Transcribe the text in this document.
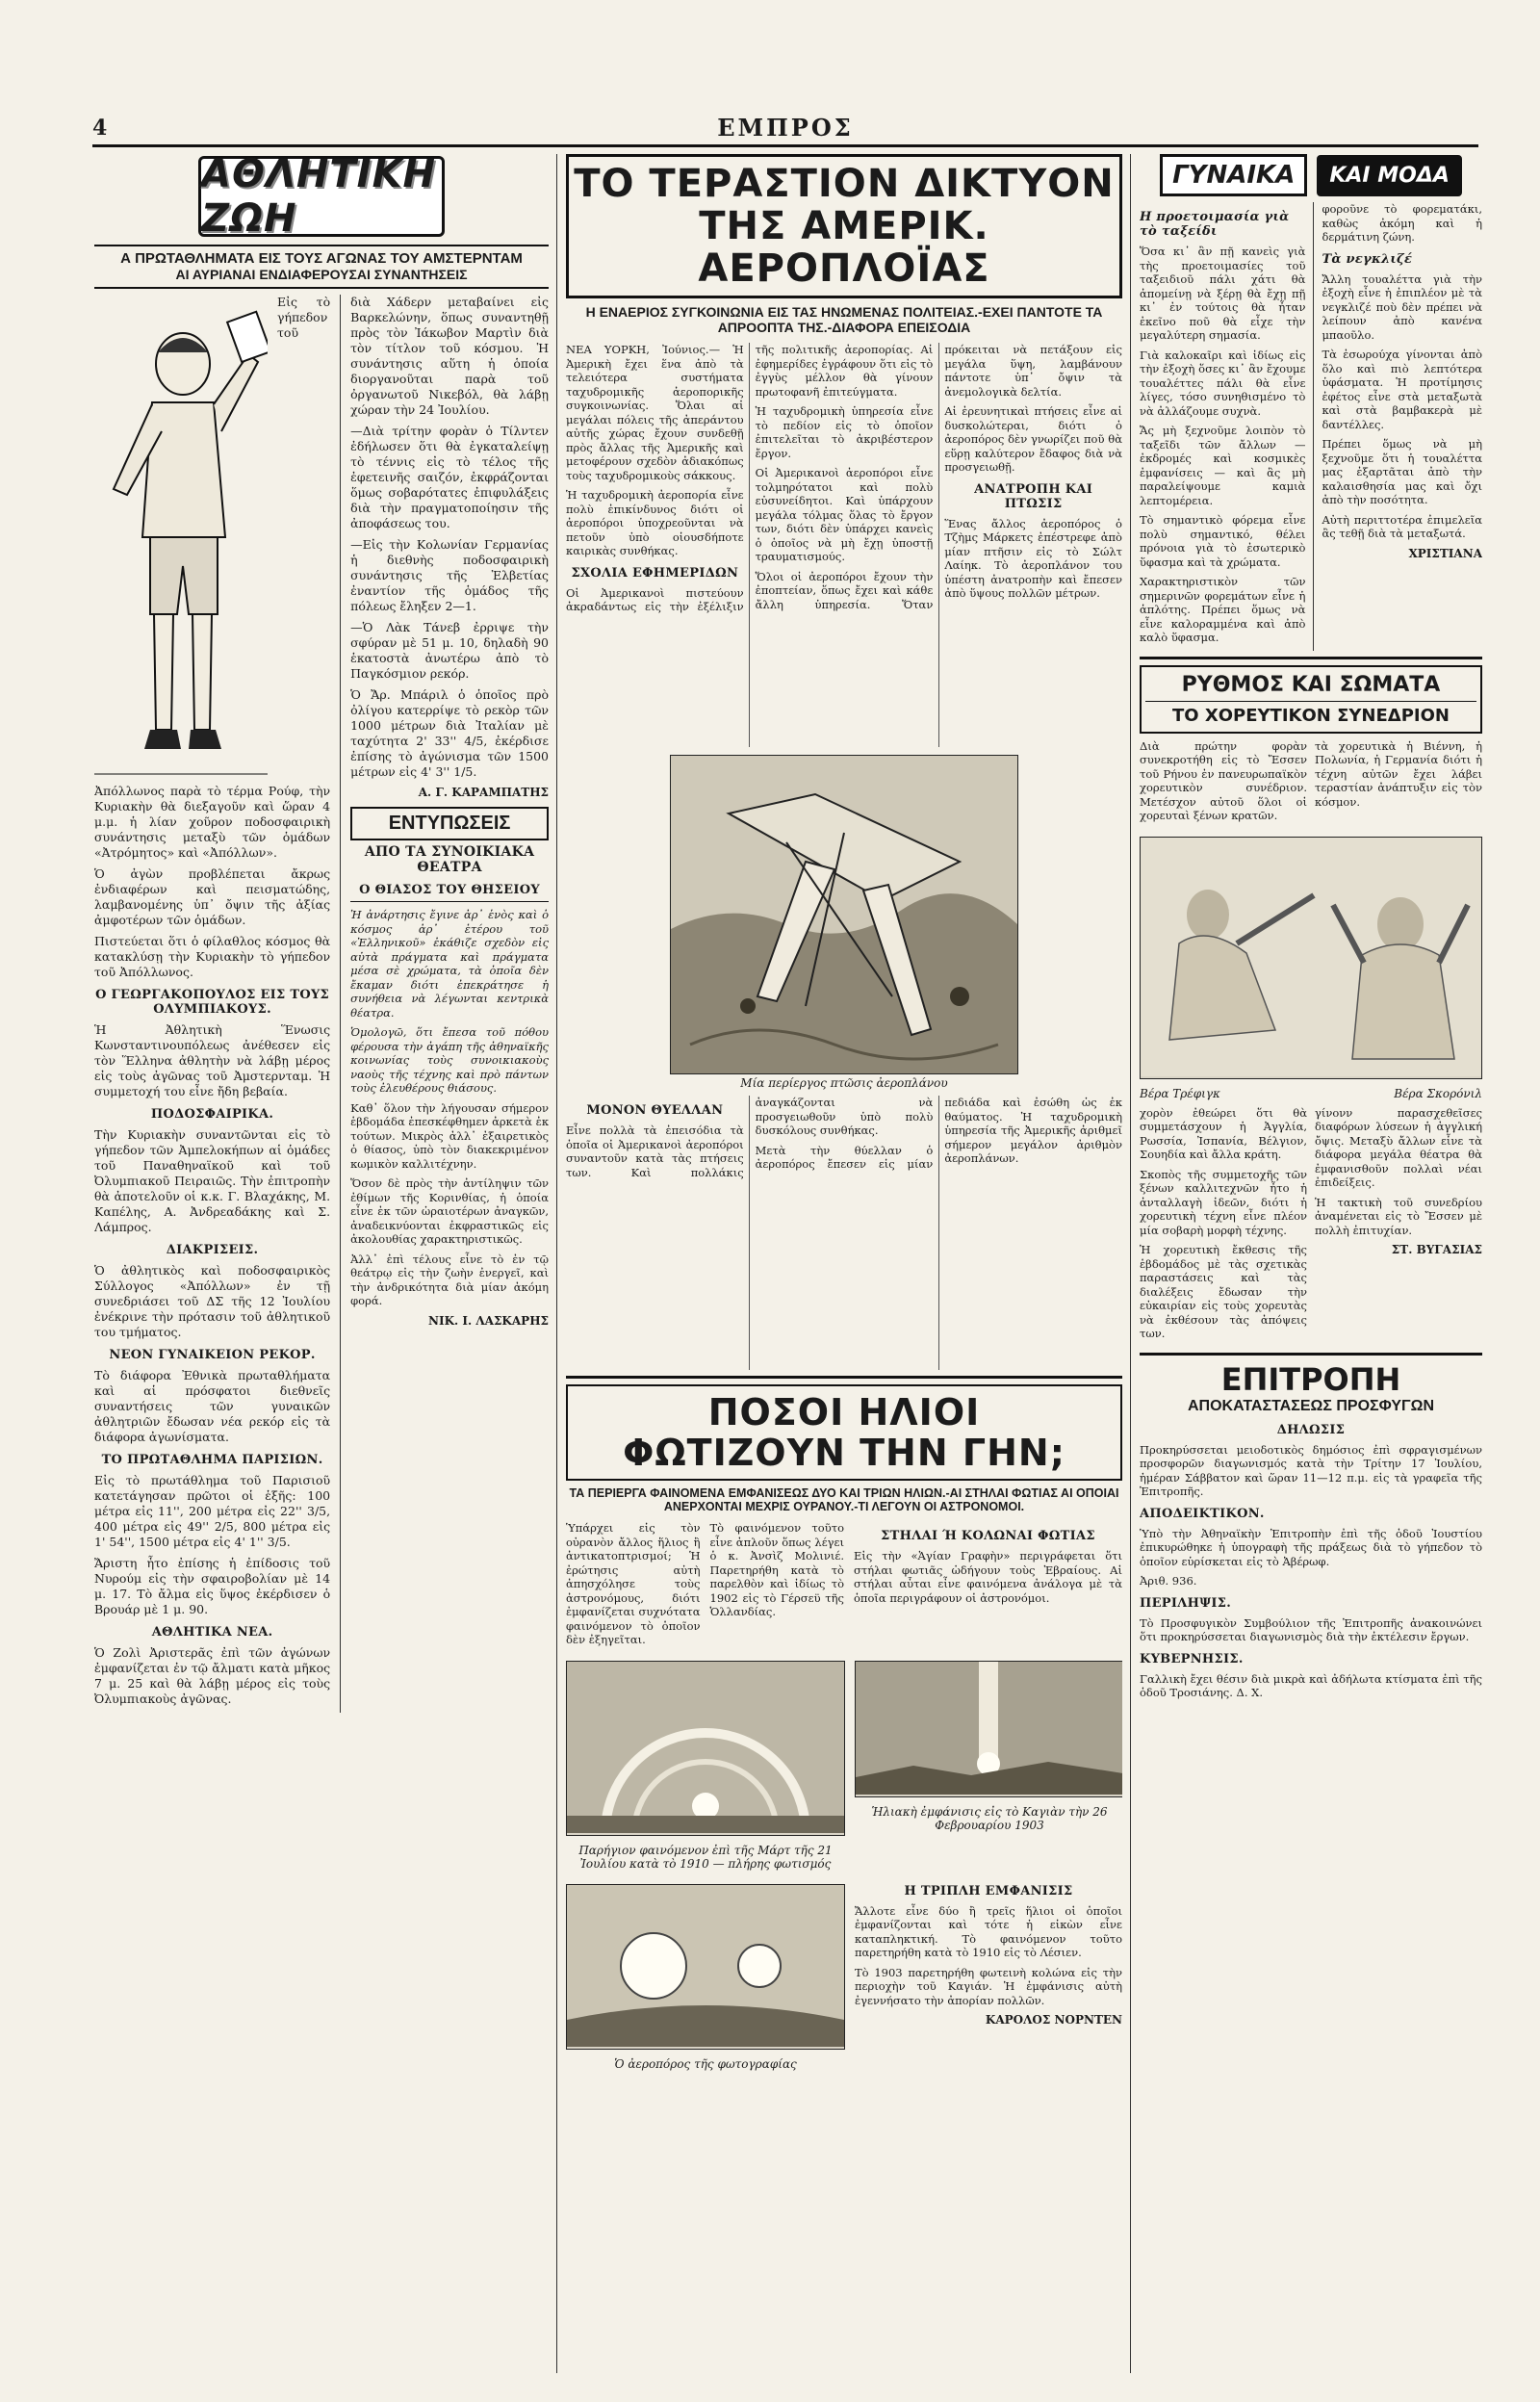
4	ΕΜΠΡΟΣ
ΑΘΛΗΤΙΚΗ ΖΩΗ
Α ΠΡΩΤΑΘΛΗΜΑΤΑ ΕΙΣ ΤΟΥΣ ΑΓΩΝΑΣ ΤΟΥ ΑΜΣΤΕΡΝΤΑΜ
ΑΙ ΑΥΡΙΑΝΑΙ ΕΝΔΙΑΦΕΡΟΥΣΑΙ ΣΥΝΑΝΤΗΣΕΙΣ

Εἰς τὸ γήπεδον τοῦ Ἀπόλλωνος παρὰ τὸ τέρμα Ρούφ, τὴν Κυριακὴν θὰ διεξαγοῦν καὶ ὥραν 4 μ.μ. ἡ λίαν χοῦρον ποδοσφαιρικὴ συνάντησις μεταξὺ τῶν ὁμάδων «Ἀτρόμητος» καὶ «Ἀπόλλων».

Ὁ ἀγὼν προβλέπεται ἄκρως ἐνδιαφέρων καὶ πεισματώδης, λαμβανομένης ὑπ᾽ ὄψιν τῆς ἀξίας ἀμφοτέρων τῶν ὁμάδων.

Πιστεύεται ὅτι ὁ φίλαθλος κόσμος θὰ κατακλύσῃ τὴν Κυριακὴν τὸ γήπεδον τοῦ Ἀπόλλωνος.

Ο ΓΕΩΡΓΑΚΟΠΟΥΛΟΣ ΕΙΣ ΤΟΥΣ ΟΛΥΜΠΙΑΚΟΥΣ.

Ἡ Ἀθλητικὴ Ἕνωσις Κωνσταντινουπόλεως ἀνέθεσεν εἰς τὸν Ἕλληνα ἀθλητὴν νὰ λάβῃ μέρος εἰς τοὺς ἀγῶνας τοῦ Ἀμστερνταμ. Ἡ συμμετοχή του εἶνε ἤδη βεβαία.

ΠΟΔΟΣΦΑΙΡΙΚΑ.

Τὴν Κυριακὴν συναντῶνται εἰς τὸ γήπεδον τῶν Ἀμπελοκήπων αἱ ὁμάδες τοῦ Παναθηναϊκοῦ καὶ τοῦ Ὀλυμπιακοῦ Πειραιῶς. Τὴν ἐπιτροπὴν θὰ ἀποτελοῦν οἱ κ.κ. Γ. Βλαχάκης, Μ. Καπέλης, Α. Ἀνδρεαδάκης καὶ Σ. Λάμπρος.

ΔΙΑΚΡΙΣΕΙΣ.

Ὁ ἀθλητικὸς καὶ ποδοσφαιρικὸς Σύλλογος «Ἀπόλλων» ἐν τῇ συνεδριάσει τοῦ ΔΣ τῆς 12 Ἰουλίου ἐνέκρινε τὴν πρότασιν τοῦ ἀθλητικοῦ του τμήματος.

ΝΕΟΝ ΓΥΝΑΙΚΕΙΟΝ ΡΕΚΟΡ.

Τὸ διάφορα Ἐθνικὰ πρωταθλήματα καὶ αἱ πρόσφατοι διεθνεῖς συναντήσεις τῶν γυναικῶν ἀθλητριῶν ἔδωσαν νέα ρεκόρ εἰς τὰ διάφορα ἀγωνίσματα.

ΤΟ ΠΡΩΤΑΘΛΗΜΑ ΠΑΡΙΣΙΩΝ.

Εἰς τὸ πρωτάθλημα τοῦ Παρισιοῦ κατετάγησαν πρῶτοι οἱ ἑξῆς: 100 μέτρα εἰς 11'', 200 μέτρα εἰς 22'' 3/5, 400 μέτρα εἰς 49'' 2/5, 800 μέτρα εἰς 1' 54'', 1500 μέτρα εἰς 4' 1'' 3/5.

Ἄριστη ἦτο ἐπίσης ἡ ἐπίδοσις τοῦ Νυρούμ εἰς τὴν σφαιροβολίαν μὲ 14 μ. 17. Τὸ ἄλμα εἰς ὕψος ἐκέρδισεν ὁ Βρουάρ μὲ 1 μ. 90.

ΑΘΛΗΤΙΚΑ ΝΕΑ.

Ὁ Ζολὶ Ἀριστερᾶς ἐπὶ τῶν ἀγώνων ἐμφανίζεται ἐν τῷ ἄλματι κατὰ μῆκος 7 μ. 25 καὶ θὰ λάβῃ μέρος εἰς τοὺς Ὀλυμπιακοὺς ἀγῶνας.

διὰ Χάδερν μεταβαίνει εἰς Βαρκελώνην, ὅπως συναντηθῇ πρὸς τὸν Ἰάκωβον Μαρτὶν διὰ τὸν τίτλον τοῦ κόσμου. Ἡ συνάντησις αὕτη ἡ ὁποία διοργανοῦται παρὰ τοῦ ὀργανωτοῦ Νικεβόλ, θὰ λάβῃ χώραν τὴν 24 Ἰουλίου.

—Διὰ τρίτην φορὰν ὁ Τίλντεν ἐδήλωσεν ὅτι θὰ ἐγκαταλείψῃ τὸ τέννις εἰς τὸ τέλος τῆς ἐφετεινῆς σαιζόν, ἐκφράζονται ὅμως σοβαρότατες ἐπιφυλάξεις διὰ τὴν πραγματοποίησιν τῆς ἀποφάσεως του.

—Εἰς τὴν Κολωνίαν Γερμανίας ἡ διεθνὴς ποδοσφαιρικὴ συνάντησις τῆς Ἑλβετίας ἐναντίον τῆς ὁμάδος τῆς πόλεως ἔληξεν 2—1.

—Ὁ Λὰκ Τάνεβ ἐρριψε τὴν σφύραν μὲ 51 μ. 10, δηλαδὴ 90 ἑκατοστὰ ἀνωτέρω ἀπὸ τὸ Παγκόσμιον ρεκόρ.

Ὁ Ἄρ. Μπάριλ ὁ ὁποῖος πρὸ ὀλίγου κατερρίψε τὸ ρεκὸρ τῶν 1000 μέτρων διὰ Ἰταλίαν μὲ ταχύτητα 2' 33'' 4/5, ἐκέρδισε ἐπίσης τὸ ἀγώνισμα τῶν 1500 μέτρων εἰς 4' 3'' 1/5.

Α. Γ. ΚΑΡΑΜΠΑΤΗΣ
ΕΝΤΥΠΩΣΕΙΣ
ΑΠΟ ΤΑ ΣΥΝΟΙΚΙΑΚΑ ΘΕΑΤΡΑ
Ο ΘΙΑΣΟΣ ΤΟΥ ΘΗΣΕΙΟΥ

Ἡ ἀνάρτησις ἔγινε ἀρ᾽ ἑνὸς καὶ ὁ κόσμος ἀρ᾽ ἑτέρου τοῦ «Ἐλληνικοῦ» ἐκάθιζε σχεδὸν εἰς αὐτὰ πράγματα καὶ πράγματα μέσα σὲ χρώματα, τὰ ὁποῖα δὲν ἔκαμαν διότι ἐπεκράτησε ἡ συνήθεια νὰ λέγωνται κεντρικὰ θέατρα.

Ὁμολογῶ, ὅτι ἔπεσα τοῦ πόθου φέρουσα τὴν ἀγάπη τῆς ἀθηναϊκῆς κοινωνίας τοὺς συνοικιακοὺς ναοὺς τῆς τέχνης καὶ πρὸ πάντων τοὺς ἐλευθέρους θιάσους.

Καθ᾽ ὅλον τὴν λήγουσαν σήμερον ἑβδομάδα ἐπεσκέφθημεν ἀρκετὰ ἐκ τούτων. Μικρὸς ἀλλ᾽ ἐξαιρετικὸς ὁ θίασος, ὑπὸ τὸν διακεκριμένον κωμικὸν καλλιτέχνην.

Ὅσον δὲ πρὸς τὴν ἀντίληψιν τῶν ἐθίμων τῆς Κορινθίας, ἡ ὁποία εἶνε ἐκ τῶν ὡραιοτέρων ἀναγκῶν, ἀναδεικνύονται ἐκφραστικῶς εἰς ἀκολουθίας χαρακτηριστικῶς.

Ἀλλ᾽ ἐπὶ τέλους εἶνε τὸ ἐν τῷ θεάτρῳ εἰς τὴν ζωὴν ἐνεργεῖ, καὶ τὴν ἀνδρικότητα διὰ μίαν ἀκόμη φορά.

ΝΙΚ. Ι. ΛΑΣΚΑΡΗΣ
ΤΟ ΤΕΡΑΣΤΙΟΝ ΔΙΚΤΥΟΝ
ΤΗΣ ΑΜΕΡΙΚ. ΑΕΡΟΠΛΟΪΑΣ
Η ΕΝΑΕΡΙΟΣ ΣΥΓΚΟΙΝΩΝΙΑ ΕΙΣ ΤΑΣ ΗΝΩΜΕΝΑΣ ΠΟΛΙΤΕΙΑΣ.-ΕΧΕΙ ΠΑΝΤΟΤΕ ΤΑ ΑΠΡΟΟΠΤΑ ΤΗΣ.-ΔΙΑΦΟΡΑ ΕΠΕΙΣΟΔΙΑ

ΝΕΑ ΥΟΡΚΗ, Ἰούνιος.— Ἡ Ἀμερικὴ ἔχει ἕνα ἀπὸ τὰ τελειότερα συστήματα ταχυδρομικῆς ἀεροπορικῆς συγκοινωνίας. Ὅλαι αἱ μεγάλαι πόλεις τῆς ἀπεράντου αὐτῆς χώρας ἔχουν συνδεθῇ πρὸς ἄλλας τῆς Ἀμερικῆς καὶ μετοφέρουν σχεδὸν ἀδιακόπως τοὺς ταχυδρομικοὺς σάκκους.

Ἡ ταχυδρομικὴ ἀεροπορία εἶνε πολὺ ἐπικίνδυνος διότι οἱ ἀεροπόροι ὑποχρεοῦνται νὰ πετοῦν ὑπὸ οἱουσδήποτε καιρικὰς συνθήκας.

ΣΧΟΛΙΑ ΕΦΗΜΕΡΙΔΩΝ

Οἱ Ἀμερικανοὶ πιστεύουν ἀκραδάντως εἰς τὴν ἐξέλιξιν τῆς πολιτικῆς ἀεροπορίας. Αἱ ἐφημερίδες ἐγράφουν ὅτι εἰς τὸ ἐγγὺς μέλλον θὰ γίνουν πρωτοφανῆ ἐπιτεύγματα.

Ἡ ταχυδρομικὴ ὑπηρεσία εἶνε τὸ πεδίον εἰς τὸ ὁποῖον ἐπιτελεῖται τὸ ἀκριβέστερον ἔργον.

Οἱ Ἀμερικανοὶ ἀεροπόροι εἶνε τολμηρότατοι καὶ πολὺ εὐσυνείδητοι. Καὶ ὑπάρχουν μεγάλα τόλμας ὅλας τὸ ἔργον των, διότι δὲν ὑπάρχει κανεὶς ὁ ὁποῖος νὰ μὴ ἔχῃ ὑποστῇ τραυματισμούς.

Ὅλοι οἱ ἀεροπόροι ἔχουν τὴν ἐποπτείαν, ὅπως ἔχει καὶ κάθε ἄλλη ὑπηρεσία. Ὅταν πρόκειται νὰ πετάξουν εἰς μεγάλα ὕψη, λαμβάνουν πάντοτε ὑπ᾽ ὄψιν τὰ ἀνεμολογικὰ δελτία.

Αἱ ἐρευνητικαὶ πτήσεις εἶνε αἱ δυσκολώτεραι, διότι ὁ ἀεροπόρος δὲν γνωρίζει ποῦ θὰ εὕρῃ καλύτερον ἔδαφος διὰ νὰ προσγειωθῇ.

ΑΝΑΤΡΟΠΗ ΚΑΙ ΠΤΩΣΙΣ

Ἕνας ἄλλος ἀεροπόρος ὁ Τζὴμς Μάρκετς ἐπέστρεφε ἀπὸ μίαν πτῆσιν εἰς τὸ Σώλτ Λαίηκ. Τὸ ἀεροπλάνον του ὑπέστη ἀνατροπὴν καὶ ἔπεσεν ἀπὸ ὕψους πολλῶν μέτρων.

Μία περίεργος πτῶσις ἀεροπλάνου
ΜΟΝΟΝ ΘΥΕΛΛΑΝ

Εἶνε πολλὰ τὰ ἐπεισόδια τὰ ὁποῖα οἱ Ἀμερικανοὶ ἀεροπόροι συναντοῦν κατὰ τὰς πτήσεις των. Καὶ πολλάκις ἀναγκάζονται νὰ προσγειωθοῦν ὑπὸ πολὺ δυσκόλους συνθήκας.

Μετὰ τὴν θύελλαν ὁ ἀεροπόρος ἔπεσεν εἰς μίαν πεδιάδα καὶ ἐσώθη ὡς ἐκ θαύματος. Ἡ ταχυδρομικὴ ὑπηρεσία τῆς Ἀμερικῆς ἀριθμεῖ σήμερον μεγάλον ἀριθμὸν ἀεροπλάνων.

ΠΟΣΟΙ ΗΛΙΟΙ
ΦΩΤΙΖΟΥΝ ΤΗΝ ΓΗΝ;
ΤΑ ΠΕΡΙΕΡΓΑ ΦΑΙΝΟΜΕΝΑ ΕΜΦΑΝΙΣΕΩΣ ΔΥΟ ΚΑΙ ΤΡΙΩΝ ΗΛΙΩΝ.-ΑΙ ΣΤΗΛΑΙ ΦΩΤΙΑΣ ΑΙ ΟΠΟΙΑΙ ΑΝΕΡΧΟΝΤΑΙ ΜΕΧΡΙΣ ΟΥΡΑΝΟΥ.-ΤΙ ΛΕΓΟΥΝ ΟΙ ΑΣΤΡΟΝΟΜΟΙ.

Ὑπάρχει εἰς τὸν οὐρανὸν ἄλλος ἥλιος ἢ ἀντικατοπτρισμοί; Ἡ ἐρώτησις αὐτὴ ἀπησχόλησε τοὺς ἀστρονόμους, διότι ἐμφανίζεται συχνότατα φαινόμενον τὸ ὁποῖον δὲν ἐξηγεῖται.

Τὸ φαινόμενον τοῦτο εἶνε ἀπλοῦν ὅπως λέγει ὁ κ. Ἀνσὶζ Μολινιέ. Παρετηρήθη κατὰ τὸ παρελθὸν καὶ ἰδίως τὸ 1902 εἰς τὸ Γέρσεϋ τῆς Ὁλλανδίας.

ΣΤΗΛΑΙ Ή ΚΟΛΩΝΑΙ ΦΩΤΙΑΣ

Εἰς τὴν «Ἁγίαν Γραφὴν» περιγράφεται ὅτι στήλαι φωτιᾶς ὡδήγουν τοὺς Ἑβραίους. Αἱ στήλαι αὗται εἶνε φαινόμενα ἀνάλογα μὲ τὰ ὁποῖα περιγράφουν οἱ ἀστρονόμοι.

Παρήγιον φαινόμενον ἐπὶ τῆς Μάρτ τῆς 21 Ἰουλίου κατὰ τὸ 1910 — πλήρης φωτισμός
Ἡλιακὴ ἐμφάνισις εἰς τὸ Καγιὰν τὴν 26 Φεβρουαρίου 1903
Ὁ ἀεροπόρος τῆς φωτογραφίας
Η ΤΡΙΠΛΗ ΕΜΦΑΝΙΣΙΣ

Ἄλλοτε εἶνε δύο ἢ τρεῖς ἥλιοι οἱ ὁποῖοι ἐμφανίζονται καὶ τότε ἡ εἰκὼν εἶνε καταπληκτική. Τὸ φαινόμενον τοῦτο παρετηρήθη κατὰ τὸ 1910 εἰς τὸ Λέσιεν.

Τὸ 1903 παρετηρήθη φωτεινὴ κολώνα εἰς τὴν περιοχὴν τοῦ Καγιάν. Ἡ ἐμφάνισις αὐτὴ ἐγεννήσατο τὴν ἀπορίαν πολλῶν.

ΚΑΡΟΛΟΣ ΝΟΡΝΤΕΝ
ΓΥΝΑΙΚΑ	ΚΑΙ ΜΟΔΑ
Η προετοιμασία γιὰ τὸ ταξείδι

Ὅσα κι᾽ ἂν πῇ κανεὶς γιὰ τὴς προετοιμασίες τοῦ ταξειδιοῦ πάλι χάτι θὰ ἀπομείνῃ νὰ ξέρῃ θὰ ἔχῃ πῇ κι᾽ ἐν τούτοις θὰ ἦταν ἐκεῖνο ποῦ θὰ εἶχε τὴν μεγαλύτερη σημασία.

Γιὰ καλοκαῖρι καὶ ἰδίως εἰς τὴν ἐξοχὴ ὅσες κι᾽ ἂν ἔχουμε τουαλέττες πάλι θὰ εἶνε λίγες, τόσο συνηθισμένο τὸ νὰ ἀλλάζουμε συχνὰ.

Ἄς μὴ ξεχνοῦμε λοιπὸν τὸ ταξεῖδι τῶν ἄλλων — ἐκδρομές καὶ κοσμικὲς ἐμφανίσεις — καὶ ἂς μὴ παραλείψουμε καμιὰ λεπτομέρεια.

Τὸ σημαντικὸ φόρεμα εἶνε πολὺ σημαντικό, θέλει πρόνοια γιὰ τὸ ἐσωτερικὸ ὕφασμα καὶ τὰ χρώματα.

Χαρακτηριστικὸν τῶν σημερινῶν φορεμάτων εἶνε ἡ ἁπλότης. Πρέπει ὅμως νὰ εἶνε καλοραμμένα καὶ ἀπὸ καλὸ ὕφασμα.

φοροῦνε τὸ φορεματάκι, καθὼς ἀκόμη καὶ ἡ δερμάτινη ζώνη.

Τὰ νεγκλιζέ

Ἄλλη τουαλέττα γιὰ τὴν ἐξοχὴ εἶνε ἡ ἐπιπλέον μὲ τὰ νεγκλιζέ ποὺ δὲν πρέπει νὰ λείπουν ἀπὸ κανένα μπαοῦλο.

Τὰ ἐσωρούχα γίνονται ἀπὸ ὅλο καὶ πιὸ λεπτότερα ὑφάσματα. Ἡ προτίμησις ἐφέτος εἶνε στὰ μεταξωτὰ καὶ στὰ βαμβακερὰ μὲ δαντέλλες.

Πρέπει ὅμως νὰ μὴ ξεχνοῦμε ὅτι ἡ τουαλέττα μας ἐξαρτᾶται ἀπὸ τὴν καλαισθησία μας καὶ ὄχι ἀπὸ τὴν ποσότητα.

Αὐτὴ περιττοτέρα ἐπιμελεῖα ἂς τεθῇ διὰ τὰ μεταξωτά.

ΧΡΙΣΤΙΑΝΑ
ΡΥΘΜΟΣ ΚΑΙ ΣΩΜΑΤΑ
ΤΟ ΧΟΡΕΥΤΙΚΟΝ ΣΥΝΕΔΡΙΟΝ

Διὰ πρώτην φορὰν συνεκροτήθη εἰς τὸ Ἔσσεν τοῦ Ρήνου ἐν πανευρωπαϊκὸν χορευτικὸν συνέδριον. Μετέσχον αὐτοῦ ὅλοι οἱ χορευταὶ ξένων κρατῶν.

τὰ χορευτικὰ ἡ Βιέννη, ἡ Πολωνία, ἡ Γερμανία διότι ἡ τέχνη αὐτῶν ἔχει λάβει τεραστίαν ἀνάπτυξιν εἰς τὸν κόσμον.

Βέρα Τρέφιγκ	Βέρα Σκορόνιλ

χορὸν ἐθεώρει ὅτι θὰ συμμετάσχουν ἡ Ἀγγλία, Ρωσσία, Ἰσπανία, Βέλγιον, Σουηδία καὶ ἄλλα κράτη.

Σκοπὸς τῆς συμμετοχῆς τῶν ξένων καλλιτεχνῶν ἦτο ἡ ἀνταλλαγὴ ἰδεῶν, διότι ἡ χορευτικὴ τέχνη εἶνε πλέον μία σοβαρὴ μορφὴ τέχνης.

Ἡ χορευτικὴ ἔκθεσις τῆς ἑβδομάδος μὲ τὰς σχετικὰς παραστάσεις καὶ τὰς διαλέξεις ἔδωσαν τὴν εὐκαιρίαν εἰς τοὺς χορευτὰς νὰ ἐκθέσουν τὰς ἀπόψεις των.

γίνονν παρασχεθεῖσες διαφόρων λύσεων ἡ ἀγγλική ὄψις. Μεταξὺ ἄλλων εἶνε τὰ διάφορα μεγάλα θέατρα θὰ ἐμφανισθοῦν πολλαὶ νέαι ἐπιδείξεις.

Ἡ τακτικὴ τοῦ συνεδρίου ἀναμένεται εἰς τὸ Ἔσσεν μὲ πολλὴ ἐπιτυχίαν.

ΣΤ. ΒΥΓΑΣΙΑΣ
ΕΠΙΤΡΟΠΗ
ΑΠΟΚΑΤΑΣΤΑΣΕΩΣ ΠΡΟΣΦΥΓΩΝ
ΔΗΛΩΣΙΣ

Προκηρύσσεται μειοδοτικὸς δημόσιος ἐπὶ σφραγισμένων προσφορῶν διαγωνισμός κατὰ τὴν Τρίτην 17 Ἰουλίου, ἡμέραν Σάββατον καὶ ὥραν 11—12 π.μ. εἰς τὰ γραφεῖα τῆς Ἐπιτροπῆς.

ΑΠΟΔΕΙΚΤΙΚΟΝ.

Ὑπὸ τὴν Ἀθηναϊκὴν Ἐπιτροπὴν ἐπὶ τῆς ὁδοῦ Ἰουστίου ἐπικυρώθηκε ἡ ὑπογραφὴ τῆς πράξεως διὰ τὸ γήπεδον τὸ ὁποῖον εὑρίσκεται εἰς τὸ Ἀβέρωφ.

Ἀριθ. 936.

ΠΕΡΙΛΗΨΙΣ.

Τὸ Προσφυγικὸν Συμβούλιον τῆς Ἐπιτροπῆς ἀνακοινώνει ὅτι προκηρύσσεται διαγωνισμὸς διὰ τὴν ἐκτέλεσιν ἔργων.

ΚΥΒΕΡΝΗΣΙΣ.

Γαλλικὴ ἔχει θέσιν διὰ μικρὰ καὶ ἀδήλωτα κτίσματα ἐπὶ τῆς ὁδοῦ Τροσιάνης. Δ. Χ.
